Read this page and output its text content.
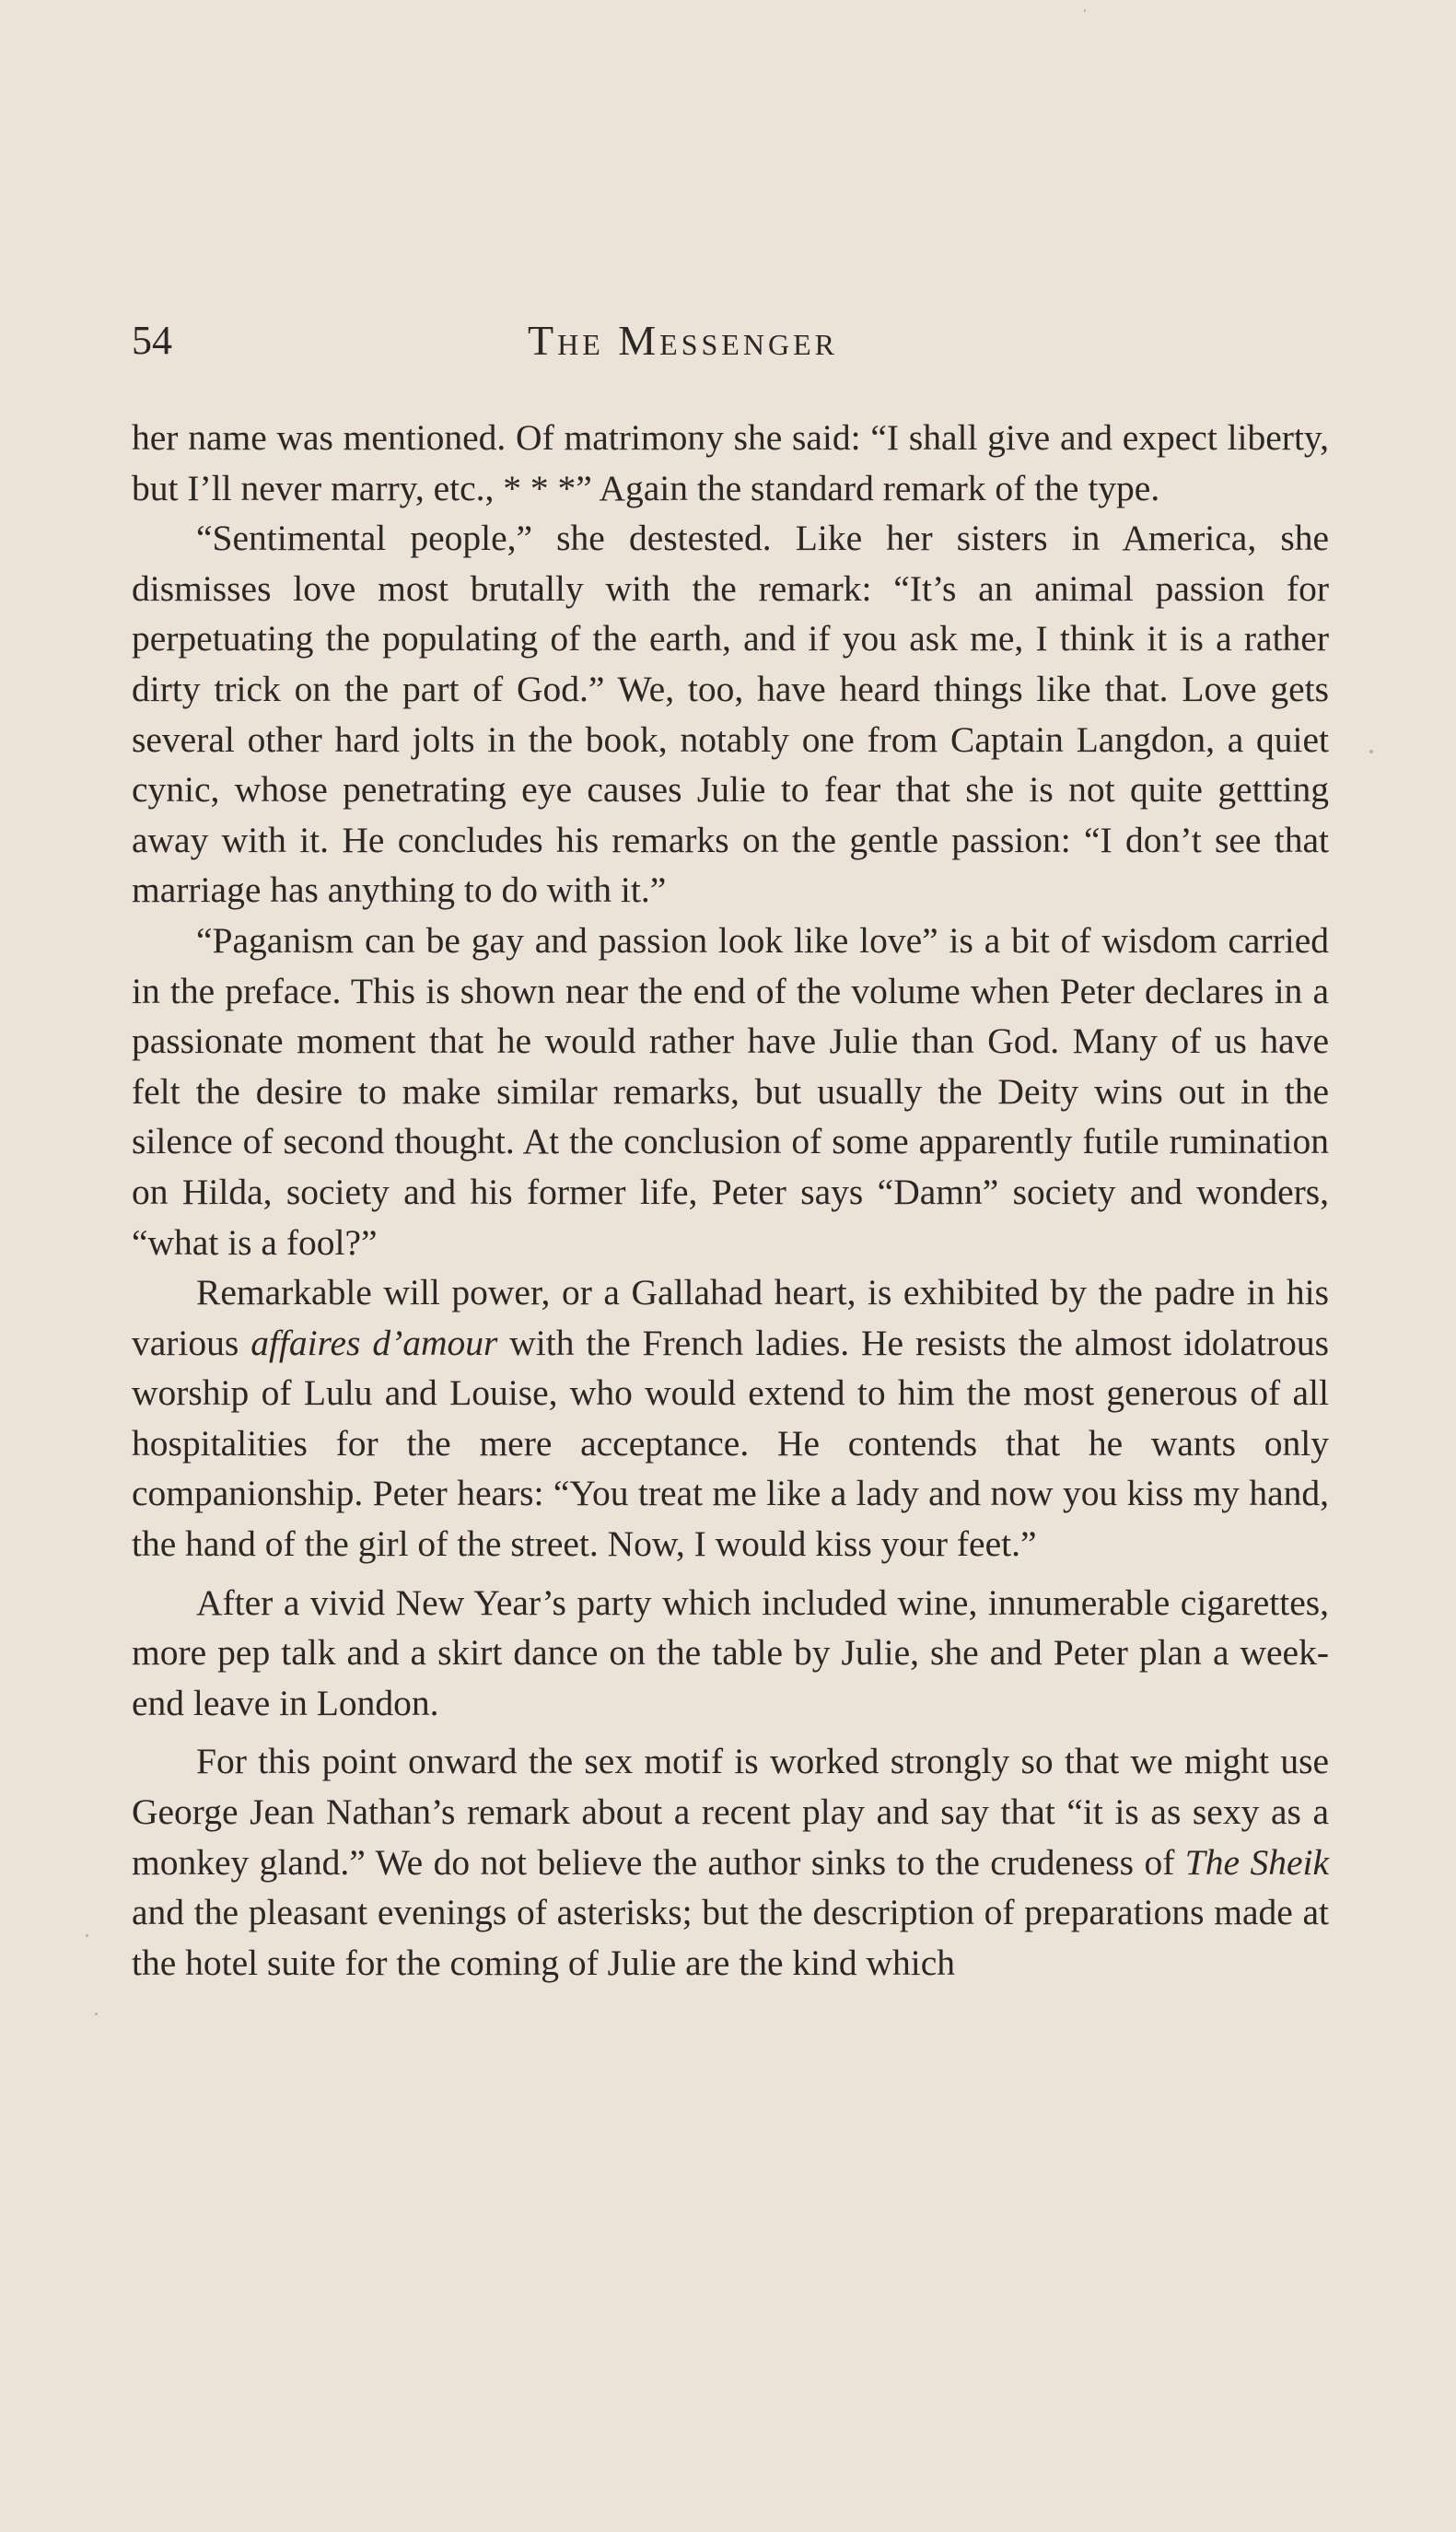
54	The Messenger

her name was mentioned. Of matrimony she said: “I shall give and expect liberty, but I’ll never marry, etc., * * *” Again the standard remark of the type.

“Sentimental people,” she destested. Like her sisters in America, she dismisses love most brutally with the remark: “It’s an animal passion for perpetuating the populating of the earth, and if you ask me, I think it is a rather dirty trick on the part of God.” We, too, have heard things like that. Love gets several other hard jolts in the book, notably one from Captain Langdon, a quiet cynic, whose penetrating eye causes Julie to fear that she is not quite gettting away with it. He concludes his remarks on the gentle passion: “I don’t see that marriage has anything to do with it.”

“Paganism can be gay and passion look like love” is a bit of wisdom carried in the preface. This is shown near the end of the volume when Peter declares in a passionate moment that he would rather have Julie than God. Many of us have felt the desire to make similar remarks, but usually the Deity wins out in the silence of second thought. At the conclusion of some apparently futile rumination on Hilda, society and his former life, Peter says “Damn” society and wonders, “what is a fool?”

Remarkable will power, or a Gallahad heart, is exhibited by the padre in his various affaires d’amour with the French ladies. He resists the almost idolatrous worship of Lulu and Louise, who would extend to him the most generous of all hospitalities for the mere acceptance. He contends that he wants only companionship. Peter hears: “You treat me like a lady and now you kiss my hand, the hand of the girl of the street. Now, I would kiss your feet.”

After a vivid New Year’s party which included wine, innumerable cigarettes, more pep talk and a skirt dance on the table by Julie, she and Peter plan a week-end leave in London.

For this point onward the sex motif is worked strongly so that we might use George Jean Nathan’s remark about a recent play and say that “it is as sexy as a monkey gland.” We do not believe the author sinks to the crudeness of The Sheik and the pleasant evenings of asterisks; but the description of preparations made at the hotel suite for the coming of Julie are the kind which
